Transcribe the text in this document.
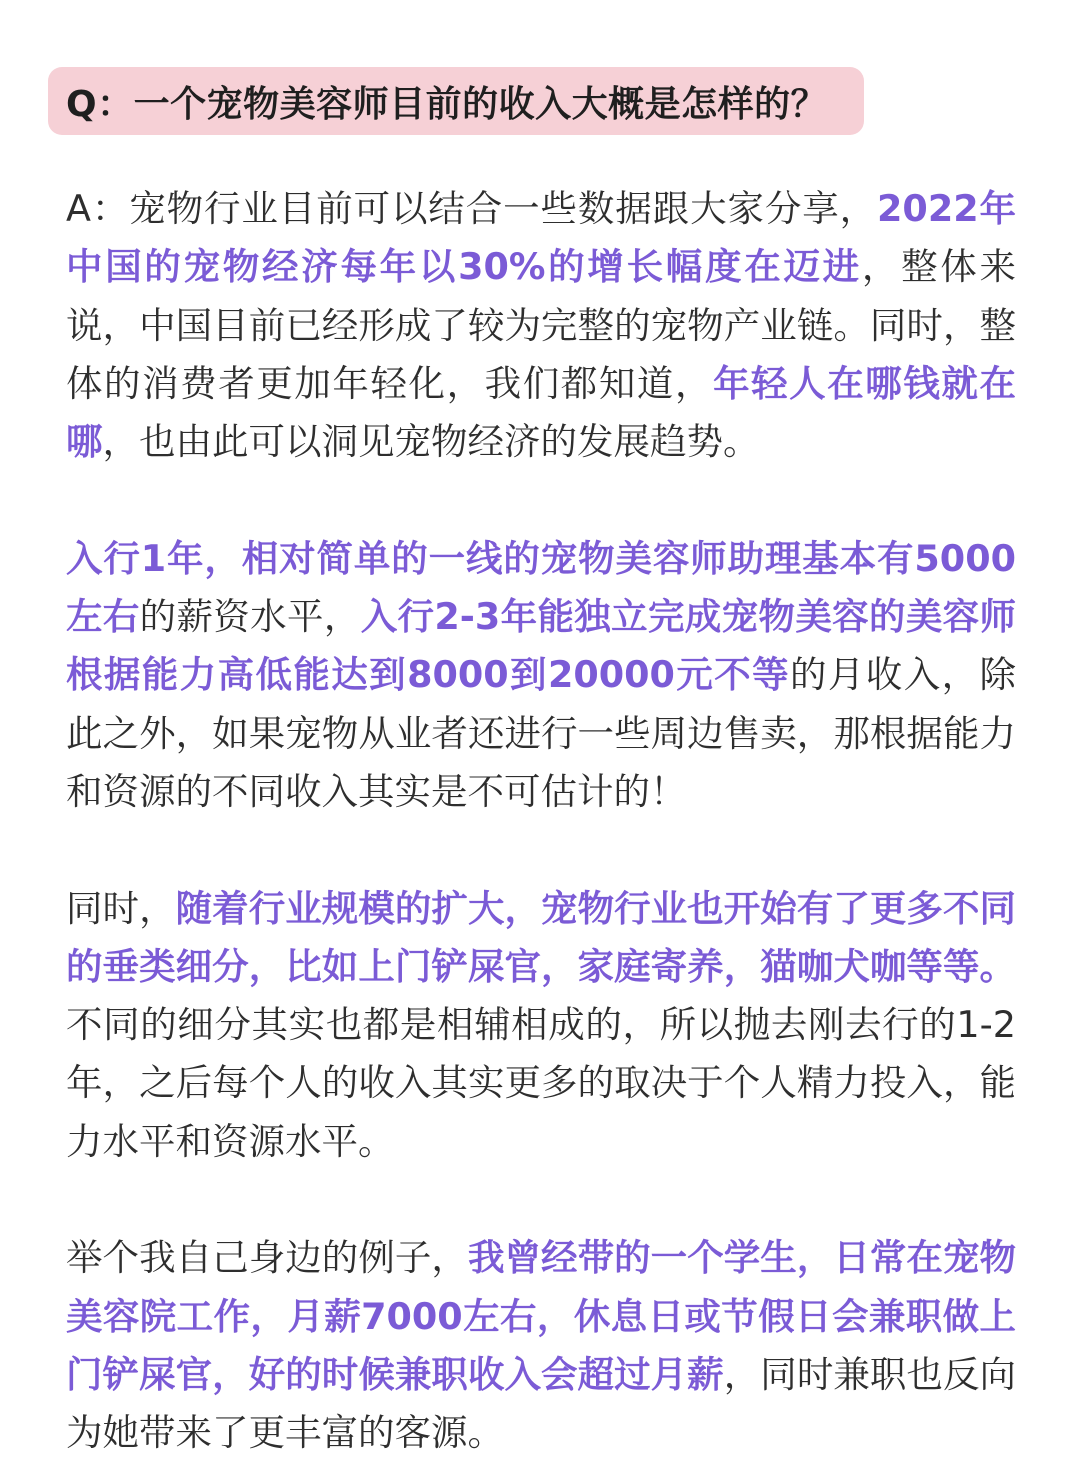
Q：一个宠物美容师目前的收入大概是怎样的？

A：宠物行业目前可以结合一些数据跟大家分享，2022年中国的宠物经济每年以30%的增长幅度在迈进，整体来说，中国目前已经形成了较为完整的宠物产业链。同时，整体的消费者更加年轻化，我们都知道，年轻人在哪钱就在哪，也由此可以洞见宠物经济的发展趋势。

入行1年，相对简单的一线的宠物美容师助理基本有5000左右的薪资水平，入行2-3年能独立完成宠物美容的美容师根据能力高低能达到8000到20000元不等的月收入，除此之外，如果宠物从业者还进行一些周边售卖，那根据能力和资源的不同收入其实是不可估计的！

同时，随着行业规模的扩大，宠物行业也开始有了更多不同的垂类细分，比如上门铲屎官，家庭寄养，猫咖犬咖等等。不同的细分其实也都是相辅相成的，所以抛去刚去行的1-2年，之后每个人的收入其实更多的取决于个人精力投入，能力水平和资源水平。

举个我自己身边的例子，我曾经带的一个学生，日常在宠物美容院工作，月薪7000左右，休息日或节假日会兼职做上门铲屎官，好的时候兼职收入会超过月薪，同时兼职也反向为她带来了更丰富的客源。
